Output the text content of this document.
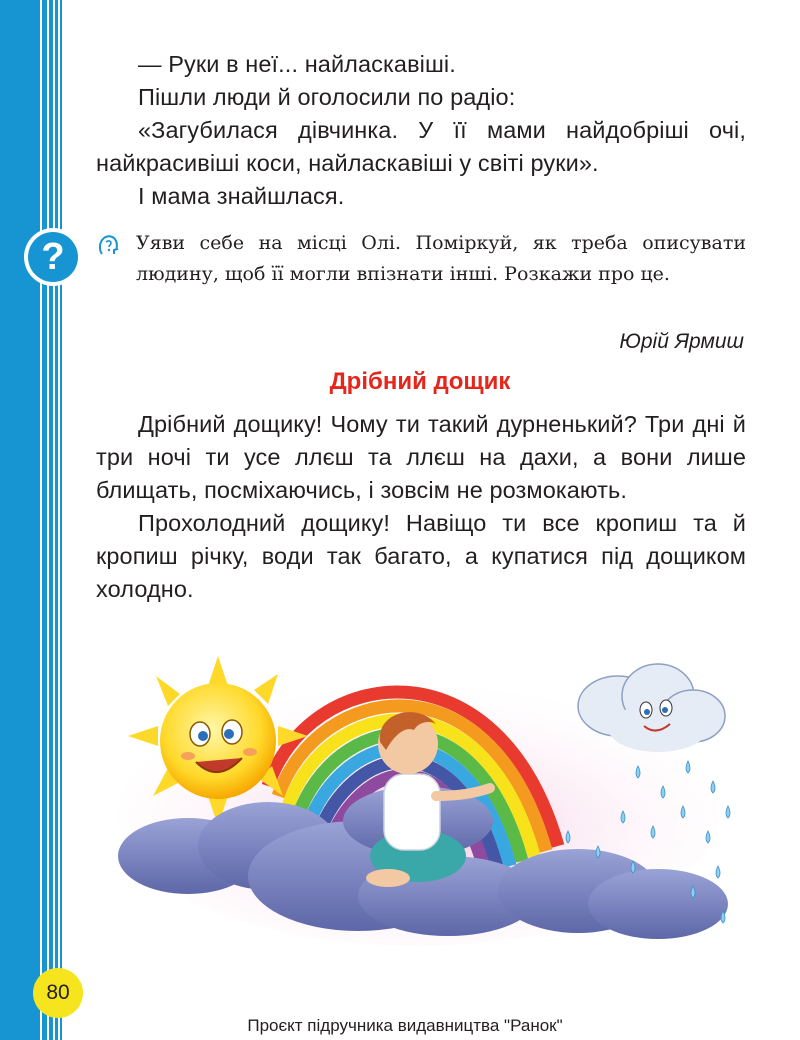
?

— Руки в неї... найласкавіші.

Пішли люди й оголосили по радіо:

«Загубилася дівчинка. У її мами найдобріші очі, найкрасивіші коси, найласкавіші у світі руки».

І мама знайшлася.

Уяви себе на місці Олі. Поміркуй, як треба описувати людину, щоб її могли впізнати інші. Розкажи про це.

Юрій Ярмиш
Дрібний дощик

Дрібний дощику! Чому ти такий дурненький? Три дні й три ночі ти усе ллєш та ллєш на дахи, а вони лише блищать, посміхаючись, і зовсім не розмокають.

Прохолодний дощику! Навіщо ти все кропиш та й кропиш річку, води так багато, а купатися під дощиком холодно.

80
Проєкт підручника видавництва "Ранок"
